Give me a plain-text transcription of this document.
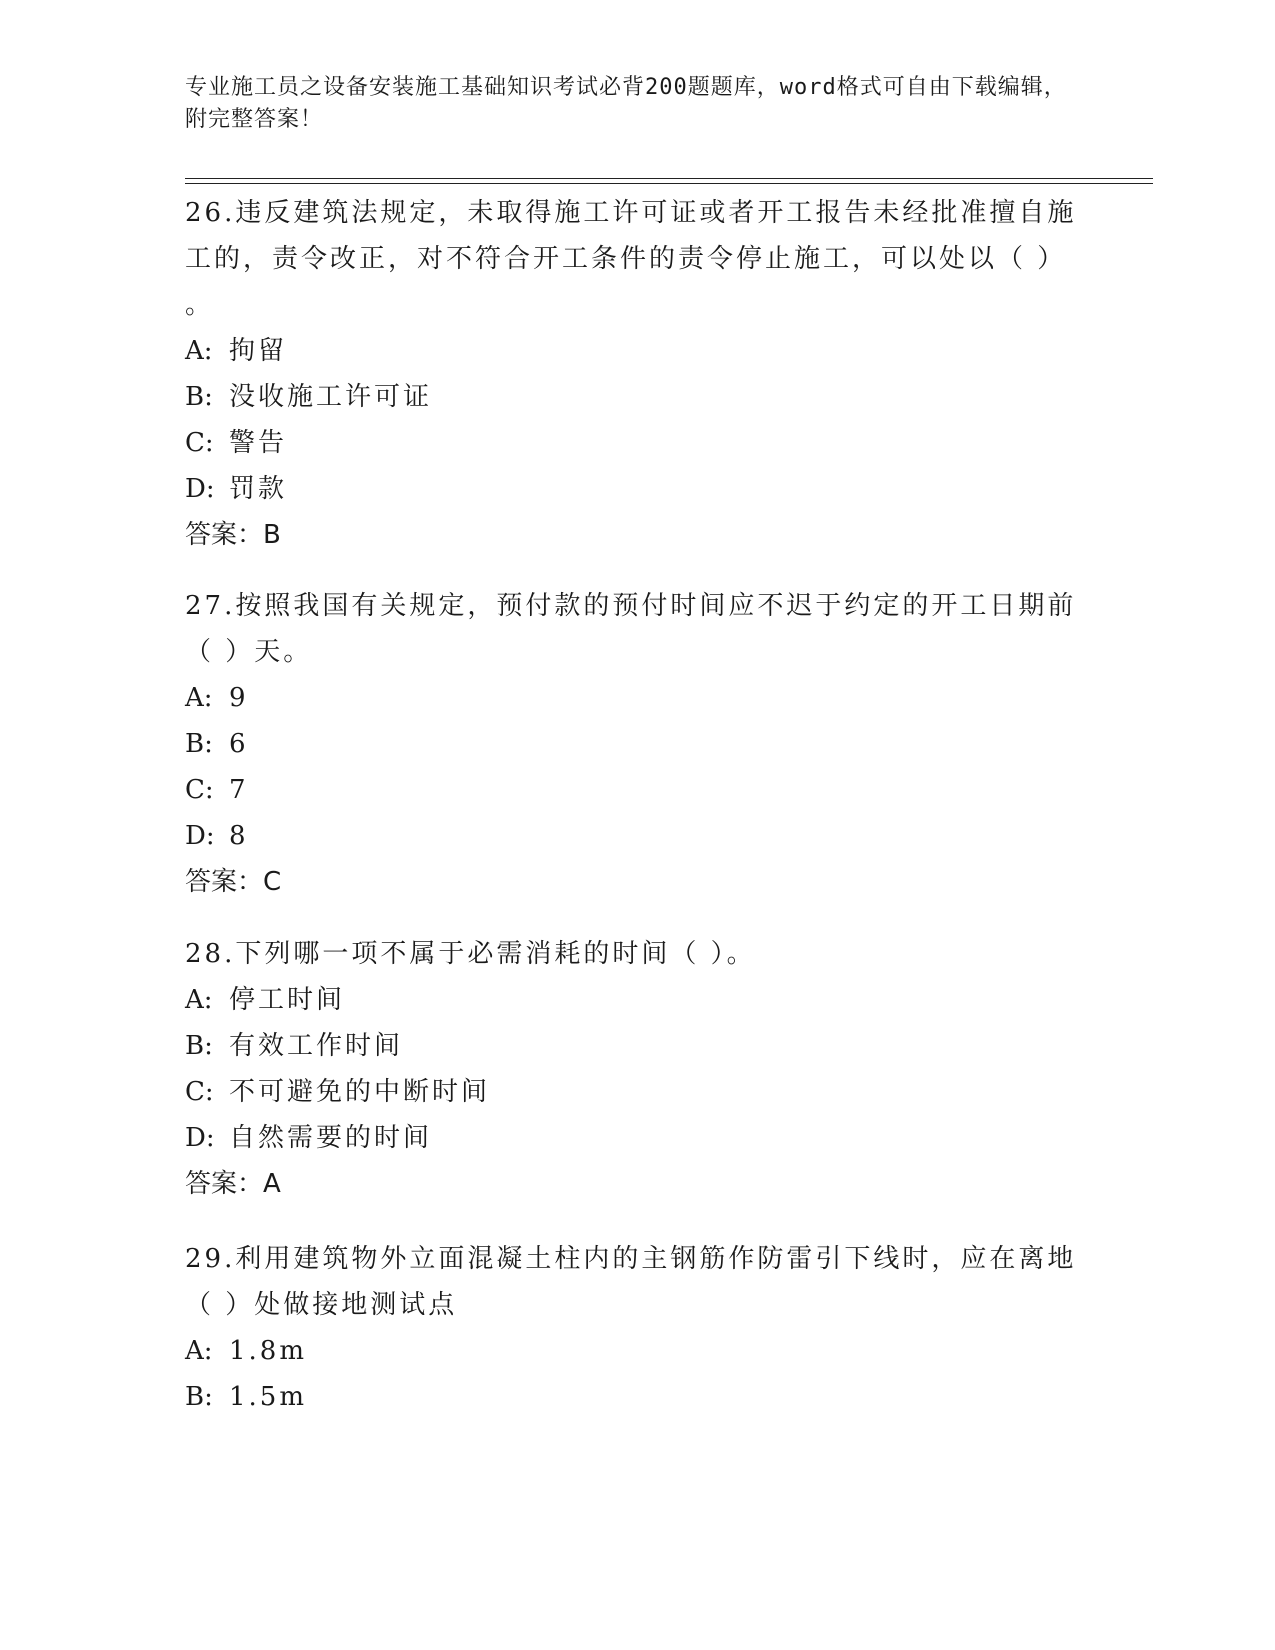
专业施工员之设备安装施工基础知识考试必背200题题库，word格式可自由下载编辑，附完整答案！

26.违反建筑法规定，未取得施工许可证或者开工报告未经批准擅自施

工的，责令改正，对不符合开工条件的责令停止施工，可以处以（ ）

。

A: 拘留

B: 没收施工许可证

C: 警告

D: 罚款

答案：B

27.按照我国有关规定，预付款的预付时间应不迟于约定的开工日期前

（ ）天。

A: 9

B: 6

C: 7

D: 8

答案：C

28.下列哪一项不属于必需消耗的时间（ ）。

A: 停工时间

B: 有效工作时间

C: 不可避免的中断时间

D: 自然需要的时间

答案：A

29.利用建筑物外立面混凝土柱内的主钢筋作防雷引下线时，应在离地

（ ）处做接地测试点

A: 1.8m

B: 1.5m
